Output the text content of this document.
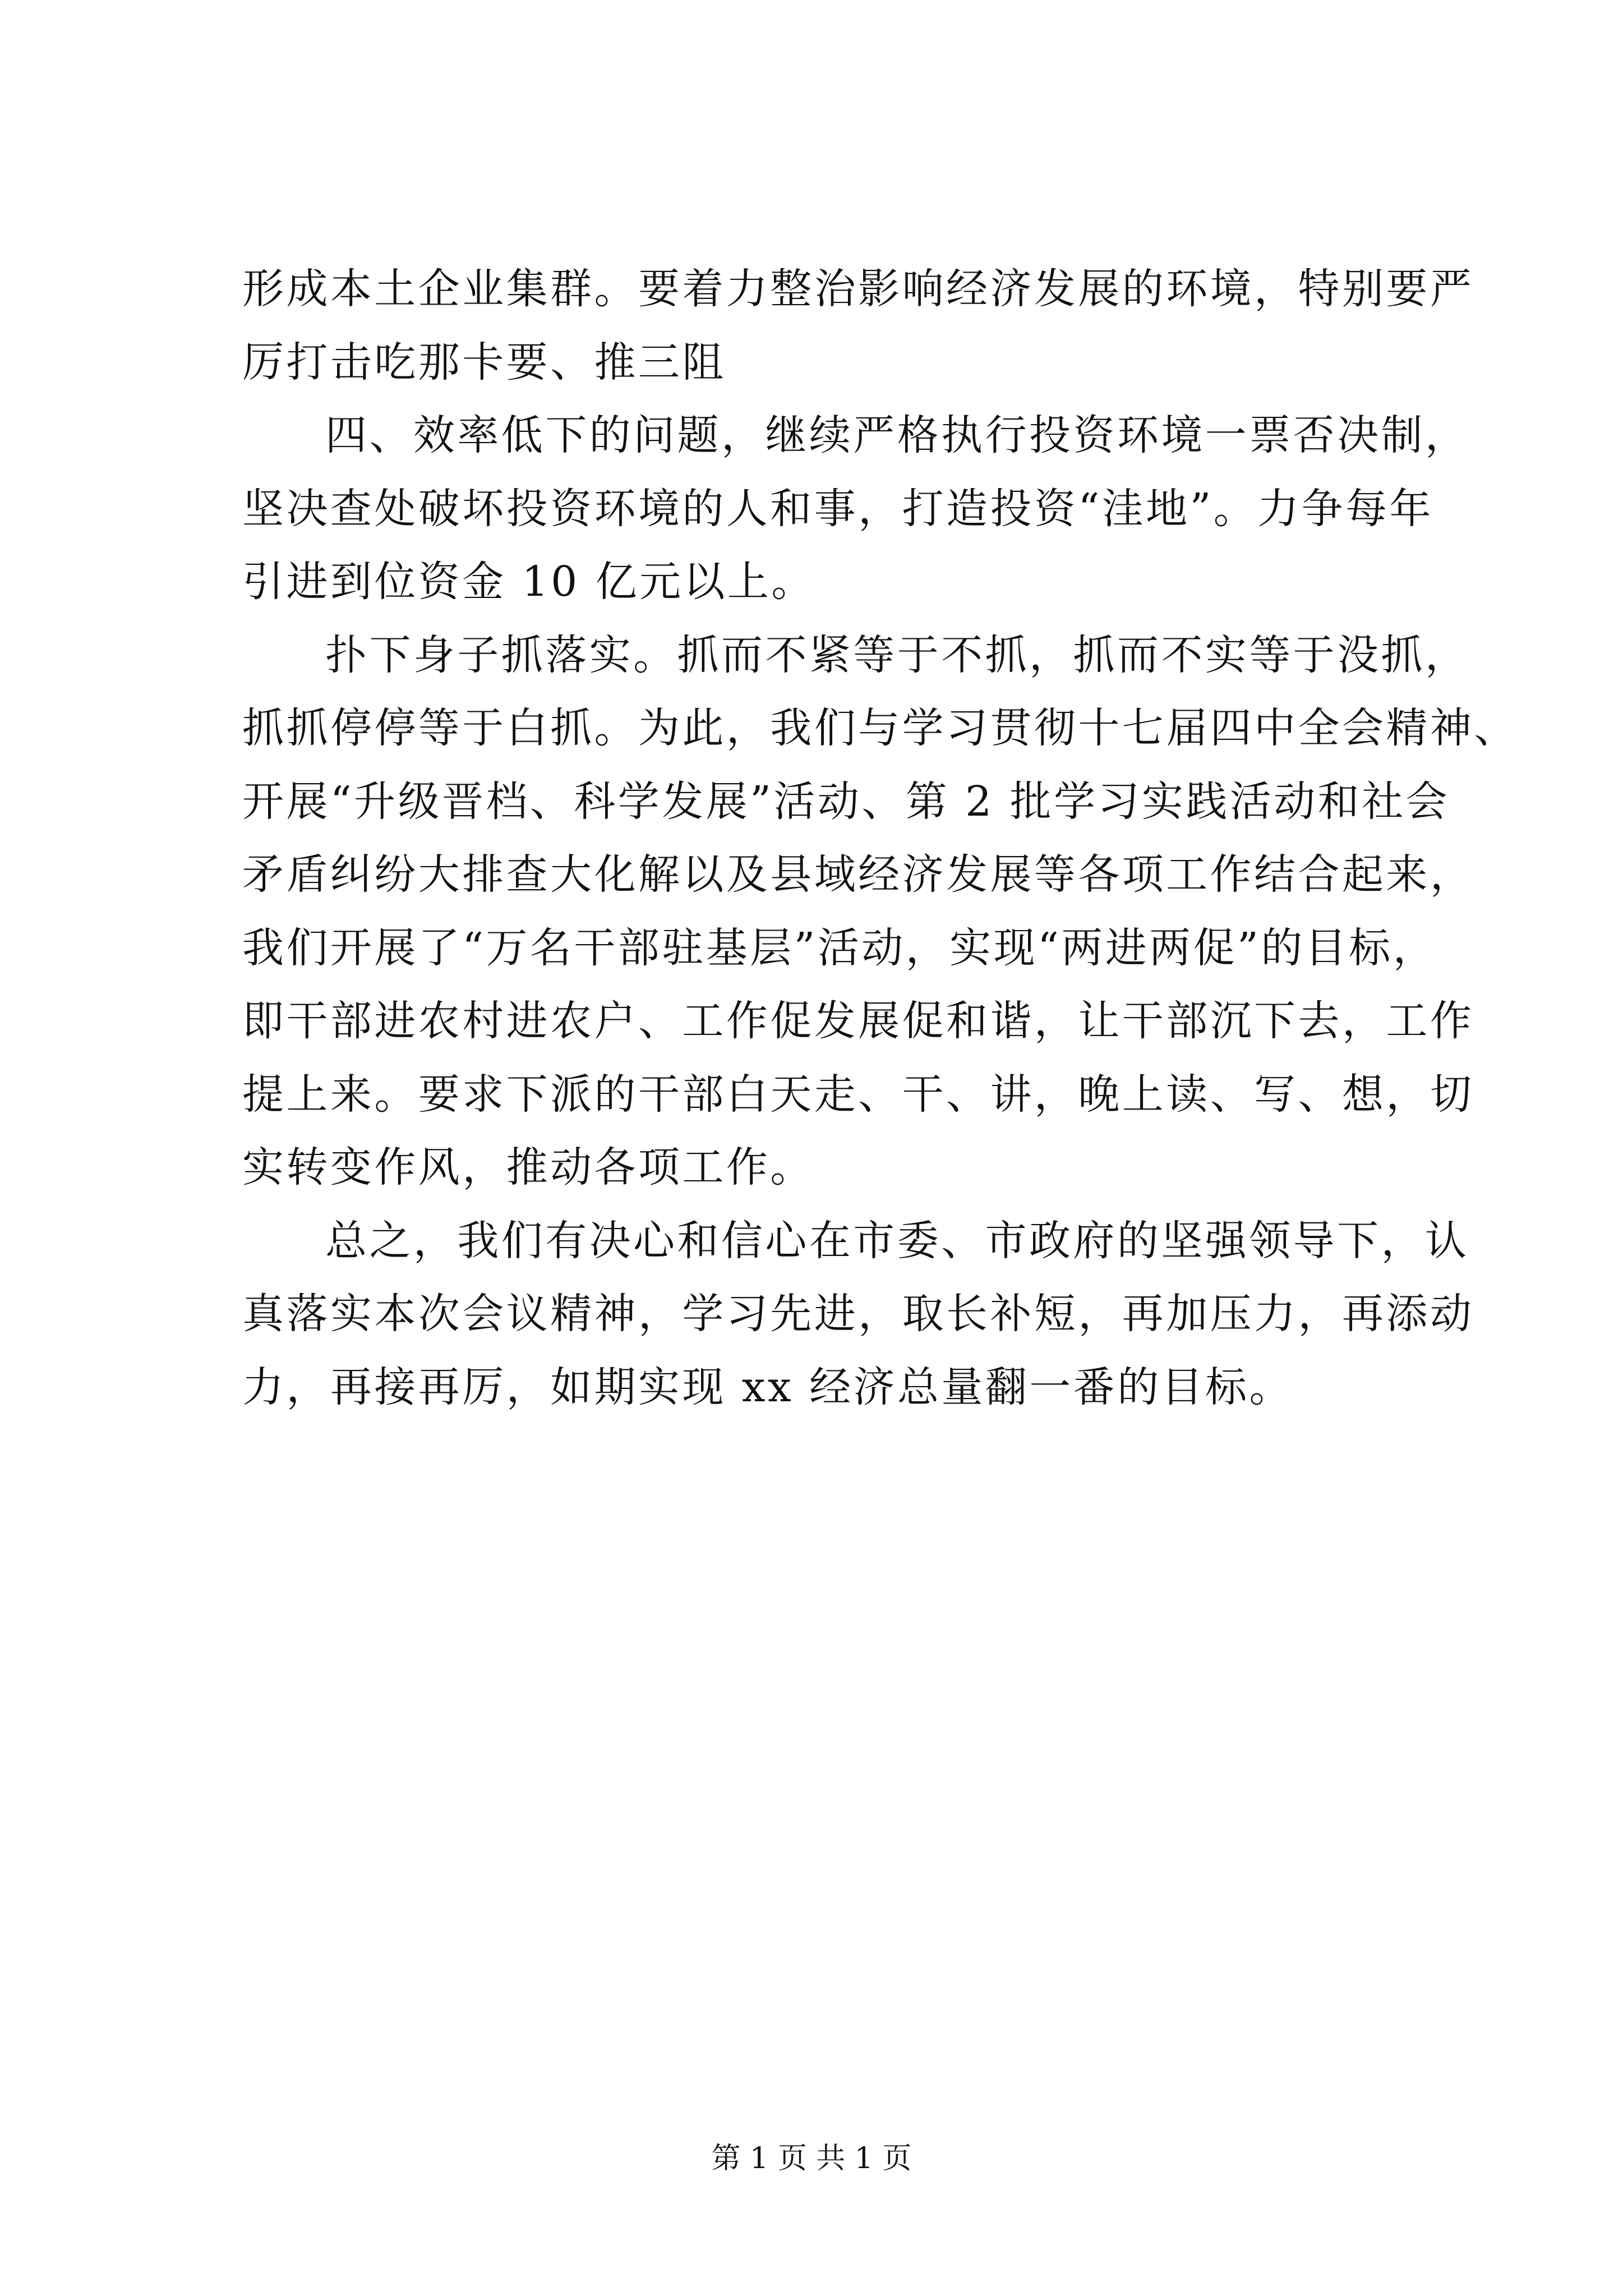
形成本土企业集群。要着力整治影响经济发展的环境，特别要严
厉打击吃那卡要、推三阻

四、效率低下的问题，继续严格执行投资环境一票否决制，
坚决查处破坏投资环境的人和事，打造投资“洼地”。力争每年
引进到位资金 10 亿元以上。

扑下身子抓落实。抓而不紧等于不抓，抓而不实等于没抓，
抓抓停停等于白抓。为此，我们与学习贯彻十七届四中全会精神、
开展“升级晋档、科学发展”活动、第 2 批学习实践活动和社会
矛盾纠纷大排查大化解以及县域经济发展等各项工作结合起来，
我们开展了“万名干部驻基层”活动，实现“两进两促”的目标，
即干部进农村进农户、工作促发展促和谐，让干部沉下去，工作
提上来。要求下派的干部白天走、干、讲，晚上读、写、想，切
实转变作风，推动各项工作。

总之，我们有决心和信心在市委、市政府的坚强领导下，认
真落实本次会议精神，学习先进，取长补短，再加压力，再添动
力，再接再厉，如期实现 xx 经济总量翻一番的目标。

第 1 页 共 1 页
